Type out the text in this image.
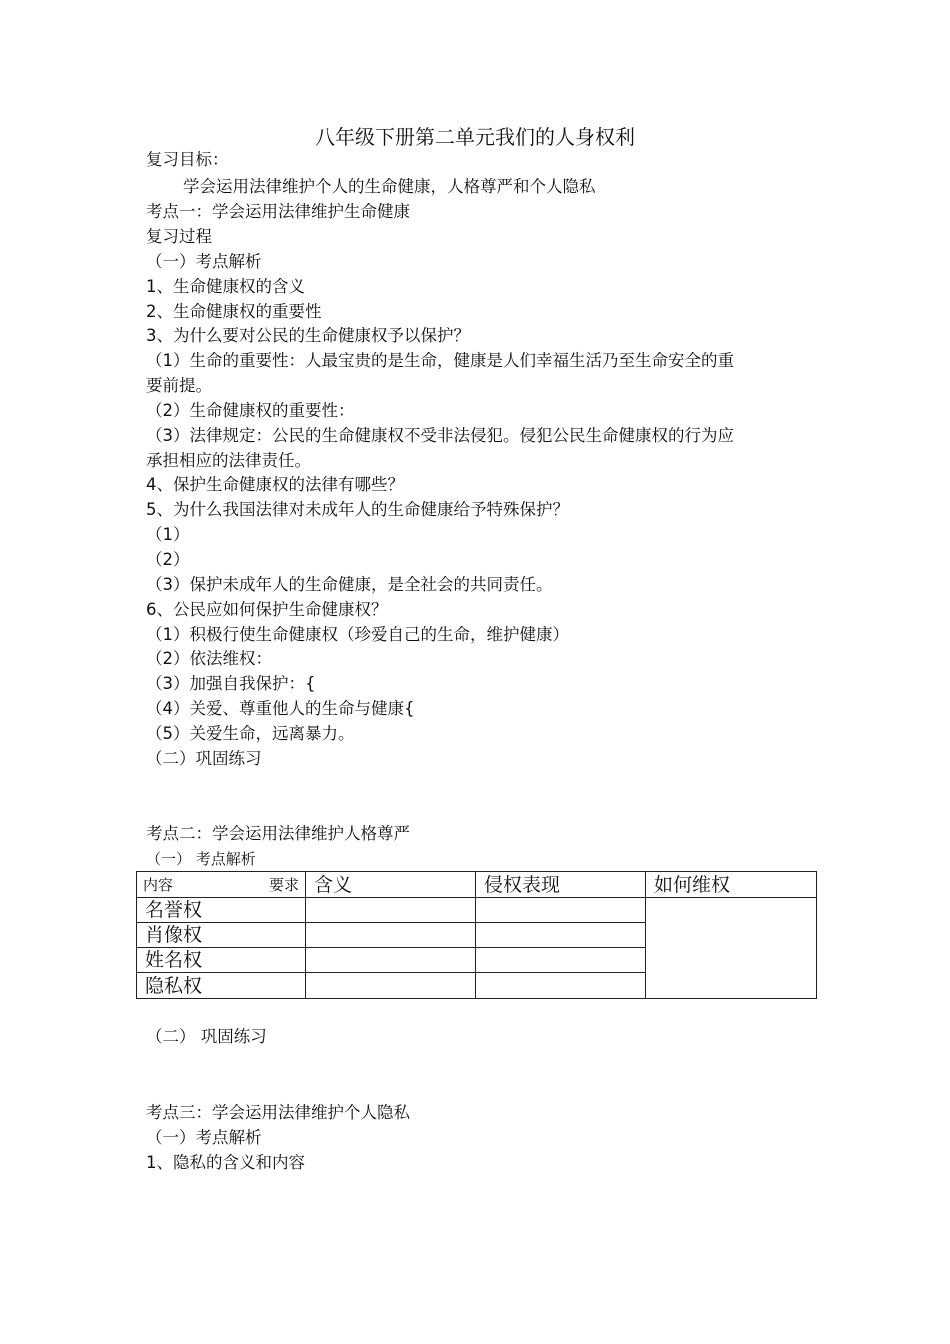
八年级下册第二单元我们的人身权利
复习目标：
学会运用法律维护个人的生命健康，人格尊严和个人隐私
考点一：学会运用法律维护生命健康
复习过程
（一）考点解析
1、生命健康权的含义
2、生命健康权的重要性
3、为什么要对公民的生命健康权予以保护？
（1）生命的重要性：人最宝贵的是生命，健康是人们幸福生活乃至生命安全的重
要前提。
（2）生命健康权的重要性：
（3）法律规定：公民的生命健康权不受非法侵犯。侵犯公民生命健康权的行为应
承担相应的法律责任。
4、保护生命健康权的法律有哪些？
5、为什么我国法律对未成年人的生命健康给予特殊保护？
（1）
（2）
（3）保护未成年人的生命健康，是全社会的共同责任。
6、公民应如何保护生命健康权？
（1）积极行使生命健康权（珍爱自己的生命，维护健康）
（2）依法维权：
（3）加强自我保护：{
（4）关爱、尊重他人的生命与健康{
（5）关爱生命，远离暴力。
（二）巩固练习
考点二：学会运用法律维护人格尊严
（一） 考点解析
内容 要求	含义	侵权表现	如何维权
名誉权			
肖像权			
姓名权			
隐私权			
（二） 巩固练习
考点三：学会运用法律维护个人隐私
（一）考点解析
1、隐私的含义和内容
